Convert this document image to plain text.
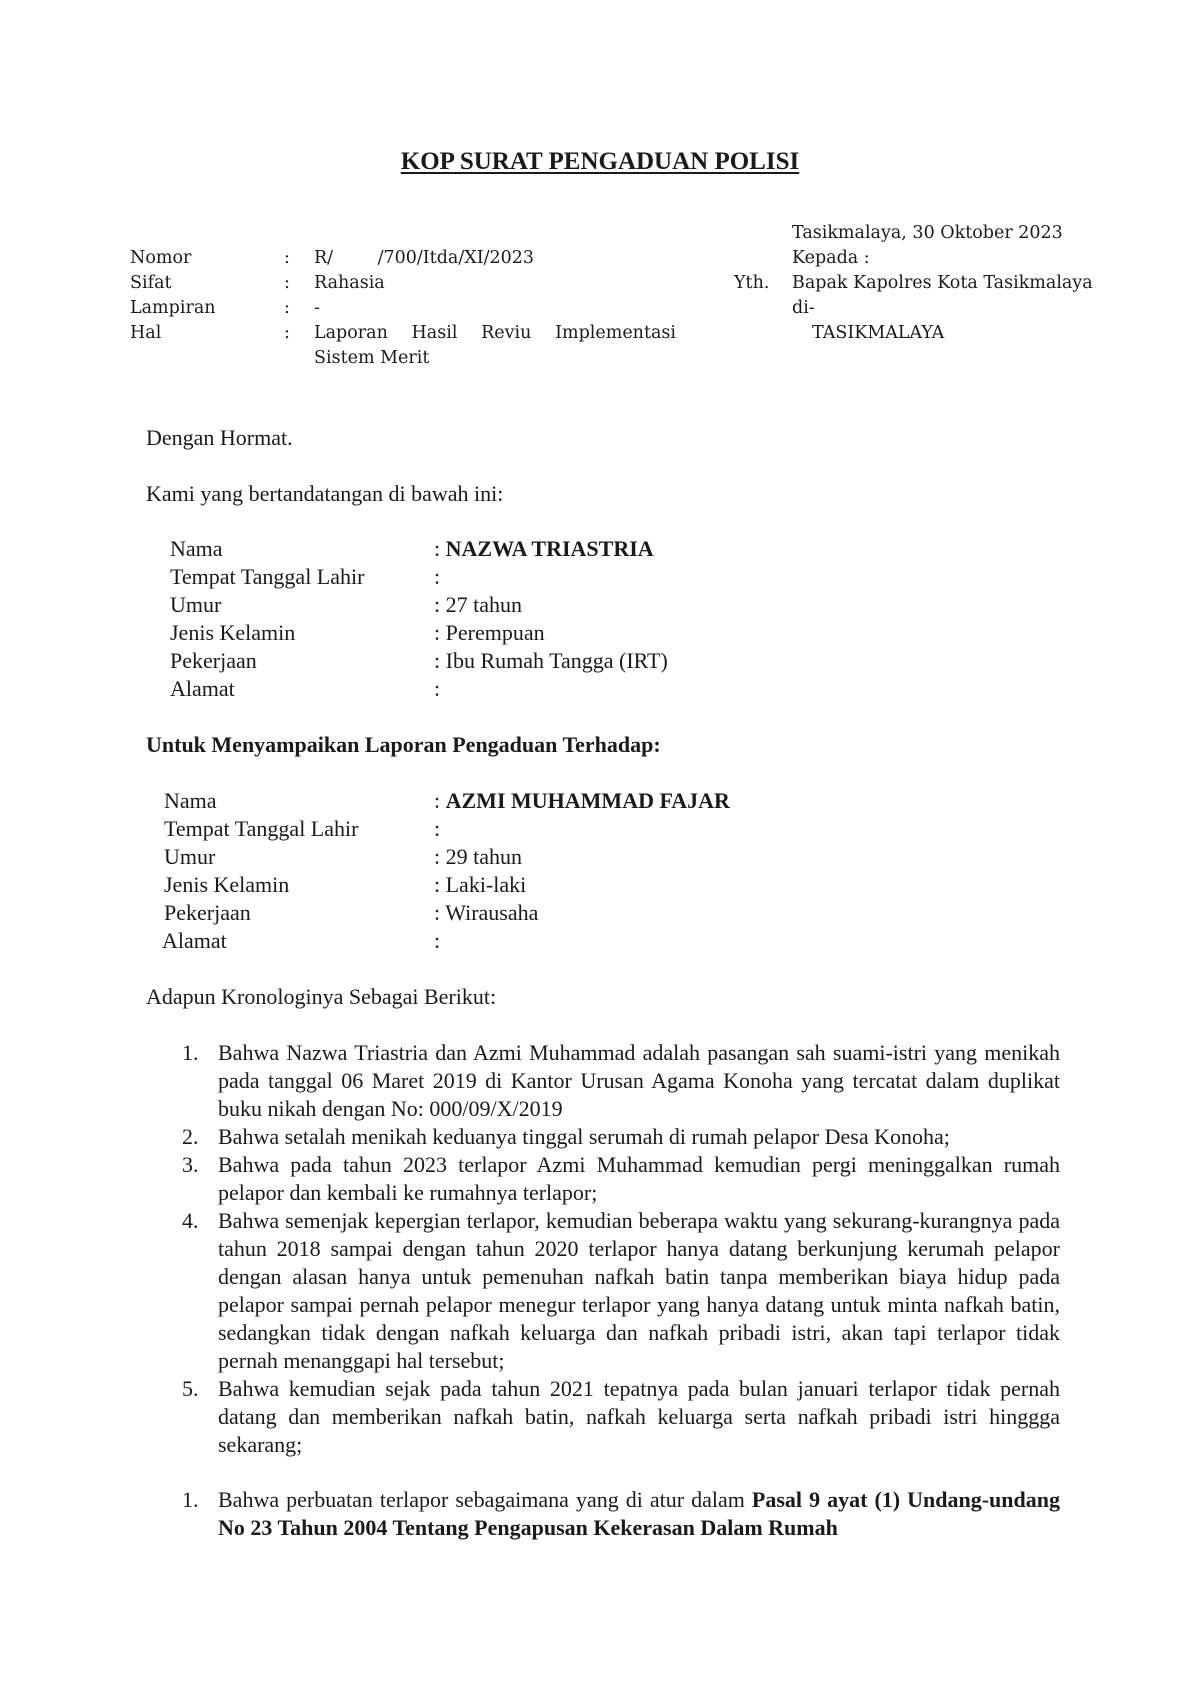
KOP SURAT PENGADUAN POLISI
Tasikmalaya, 30 Oktober 2023
Nomor	: R/        /700/Itda/XI/2023	Kepada :
Sifat	: Rahasia	Yth. Bapak Kapolres Kota Tasikmalaya
Lampiran	: -	di-
Hal	: Laporan Hasil Reviu Implementasi	TASIKMALAYA
Sistem Merit
Dengan Hormat.
Kami yang bertandatangan di bawah ini:
Nama	: NAZWA TRIASTRIA
Tempat Tanggal Lahir	:
Umur	: 27 tahun
Jenis Kelamin	: Perempuan
Pekerjaan	: Ibu Rumah Tangga (IRT)
Alamat	:
Untuk Menyampaikan Laporan Pengaduan Terhadap:
Nama	: AZMI MUHAMMAD FAJAR
Tempat Tanggal Lahir	:
Umur	: 29 tahun
Jenis Kelamin	: Laki-laki
Pekerjaan	: Wirausaha
Alamat	:
Adapun Kronologinya Sebagai Berikut:
1. Bahwa Nazwa Triastria dan Azmi Muhammad adalah pasangan sah suami-istri yang menikah pada tanggal 06 Maret 2019 di Kantor Urusan Agama Konoha yang tercatat dalam duplikat buku nikah dengan No: 000/09/X/2019
2. Bahwa setalah menikah keduanya tinggal serumah di rumah pelapor Desa Konoha;
3. Bahwa pada tahun 2023 terlapor Azmi Muhammad kemudian pergi meninggalkan rumah pelapor dan kembali ke rumahnya terlapor;
4. Bahwa semenjak kepergian terlapor, kemudian beberapa waktu yang sekurang-kurangnya pada tahun 2018 sampai dengan tahun 2020 terlapor hanya datang berkunjung kerumah pelapor dengan alasan hanya untuk pemenuhan nafkah batin tanpa memberikan biaya hidup pada pelapor sampai pernah pelapor menegur terlapor yang hanya datang untuk minta nafkah batin, sedangkan tidak dengan nafkah keluarga dan nafkah pribadi istri, akan tapi terlapor tidak pernah menanggapi hal tersebut;
5. Bahwa kemudian sejak pada tahun 2021 tepatnya pada bulan januari terlapor tidak pernah datang dan memberikan nafkah batin, nafkah keluarga serta nafkah pribadi istri hinggga sekarang;
1. Bahwa perbuatan terlapor sebagaimana yang di atur dalam Pasal 9 ayat (1) Undang-undang No 23 Tahun 2004 Tentang Pengapusan Kekerasan Dalam Rumah
